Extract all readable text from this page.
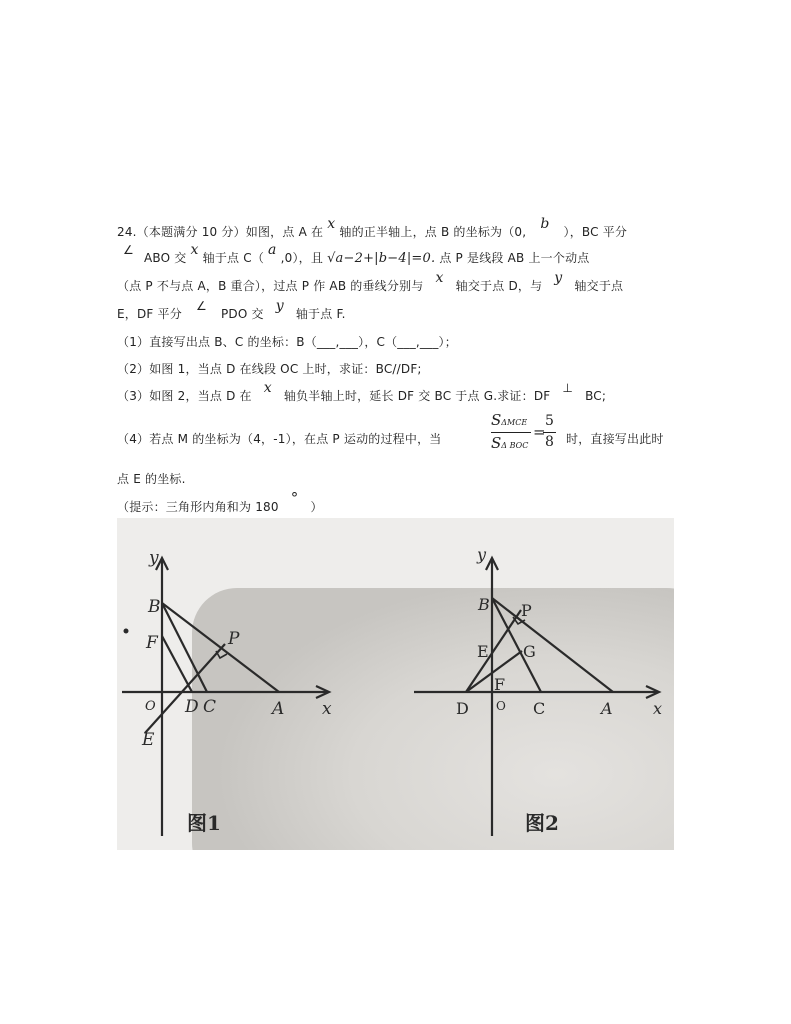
24.（本题满分 10 分）如图，点 A 在 x 轴的正半轴上，点 B 的坐标为（0, b ），BC 平分
∠ ABO 交 x 轴于点 C（ a ,0），且 √a−2+|b−4|=0. 点 P 是线段 AB 上一个动点
（点 P 不与点 A，B 重合），过点 P 作 AB 的垂线分别与 x 轴交于点 D，与 y 轴交于点
E，DF 平分 ∠ PDO 交 y 轴于点 F.
（1）直接写出点 B、C 的坐标：B（___,___），C（___,___）；
（2）如图 1，当点 D 在线段 OC 上时，求证：BC//DF;
（3）如图 2，当点 D 在 x 轴负半轴上时，延长 DF 交 BC 于点 G.求证：DF ⊥ BC;
（4）若点 M 的坐标为（4，-1），在点 P 运动的过程中，当
SΔMCE
SΔ BOC
=
5
8 时，直接写出此时
点 E 的坐标.
（提示：三角形内角和为 180 ° ）
y
x
B
F	P
O D C	A
E
图1
y
x
B P
E G
F
D O C	A
图2
